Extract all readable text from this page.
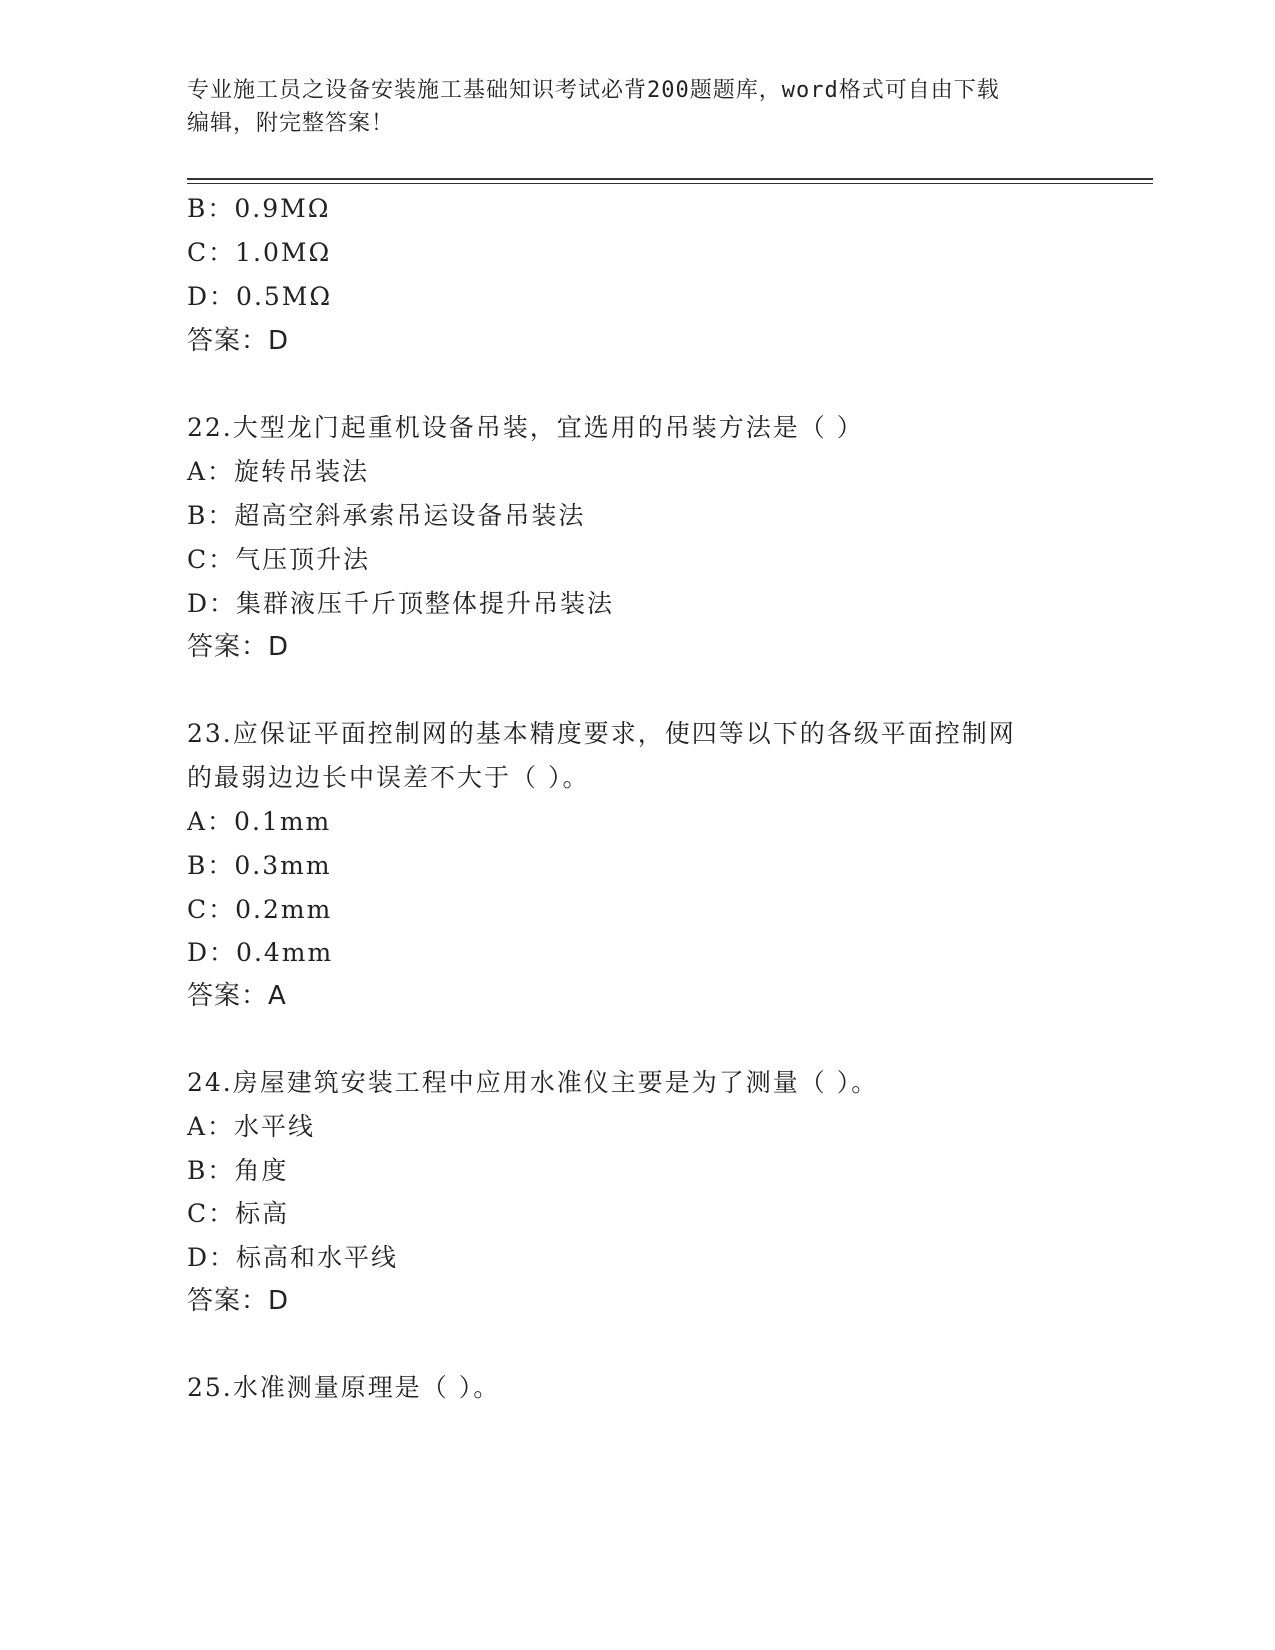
专业施工员之设备安装施工基础知识考试必背200题题库，word格式可自由下载
编辑，附完整答案！
B：0.9MΩ
C：1.0MΩ
D：0.5MΩ
答案：D
22.大型龙门起重机设备吊装，宜选用的吊装方法是（ ）
A：旋转吊装法
B：超高空斜承索吊运设备吊装法
C：气压顶升法
D：集群液压千斤顶整体提升吊装法
答案：D
23.应保证平面控制网的基本精度要求，使四等以下的各级平面控制网
的最弱边边长中误差不大于（ ）。
A：0.1mm
B：0.3mm
C：0.2mm
D：0.4mm
答案：A
24.房屋建筑安装工程中应用水准仪主要是为了测量（ ）。
A：水平线
B：角度
C：标高
D：标高和水平线
答案：D
25.水准测量原理是（ ）。
